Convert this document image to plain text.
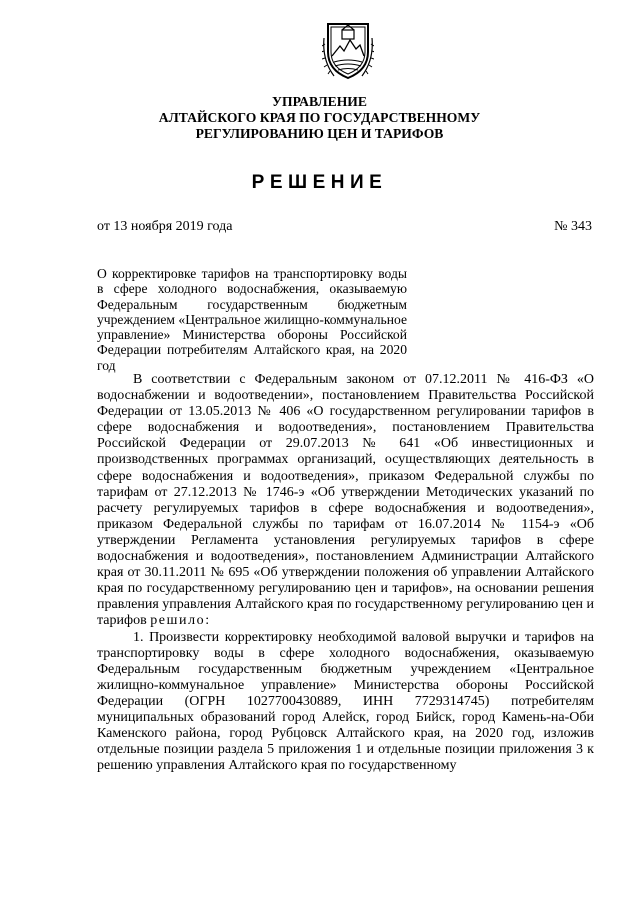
УПРАВЛЕНИЕ
АЛТАЙСКОГО КРАЯ ПО ГОСУДАРСТВЕННОМУ
РЕГУЛИРОВАНИЮ ЦЕН И ТАРИФОВ
РЕШЕНИЕ
от 13 ноября 2019 года	№ 343
О корректировке тарифов на транспортировку воды в сфере холодного водоснабжения, оказываемую Федеральным государственным бюджетным учреждением «Центральное жилищно-коммунальное управление» Министерства обороны Российской Федерации потребителям Алтайского края, на 2020 год

В соответствии с Федеральным законом от 07.12.2011 № 416-ФЗ «О водоснабжении и водоотведении», постановлением Правительства Российской Федерации от 13.05.2013 № 406 «О государственном регулировании тарифов в сфере водоснабжения и водоотведения», постановлением Правительства Российской Федерации от 29.07.2013 № 641 «Об инвестиционных и производственных программах организаций, осуществляющих деятельность в сфере водоснабжения и водоотведения», приказом Федеральной службы по тарифам от 27.12.2013 № 1746-э «Об утверждении Методических указаний по расчету регулируемых тарифов в сфере водоснабжения и водоотведения», приказом Федеральной службы по тарифам от 16.07.2014 № 1154-э «Об утверждении Регламента установления регулируемых тарифов в сфере водоснабжения и водоотведения», постановлением Администрации Алтайского края от 30.11.2011 № 695 «Об утверждении положения об управлении Алтайского края по государственному регулированию цен и тарифов», на основании решения правления управления Алтайского края по государственному регулированию цен и тарифов решило:

1. Произвести корректировку необходимой валовой выручки и тарифов на транспортировку воды в сфере холодного водоснабжения, оказываемую Федеральным государственным бюджетным учреждением «Центральное жилищно-коммунальное управление» Министерства обороны Российской Федерации (ОГРН 1027700430889, ИНН 7729314745) потребителям муниципальных образований город Алейск, город Бийск, город Камень-на-Оби Каменского района, город Рубцовск Алтайского края, на 2020 год, изложив отдельные позиции раздела 5 приложения 1 и отдельные позиции приложения 3 к решению управления Алтайского края по государственному
